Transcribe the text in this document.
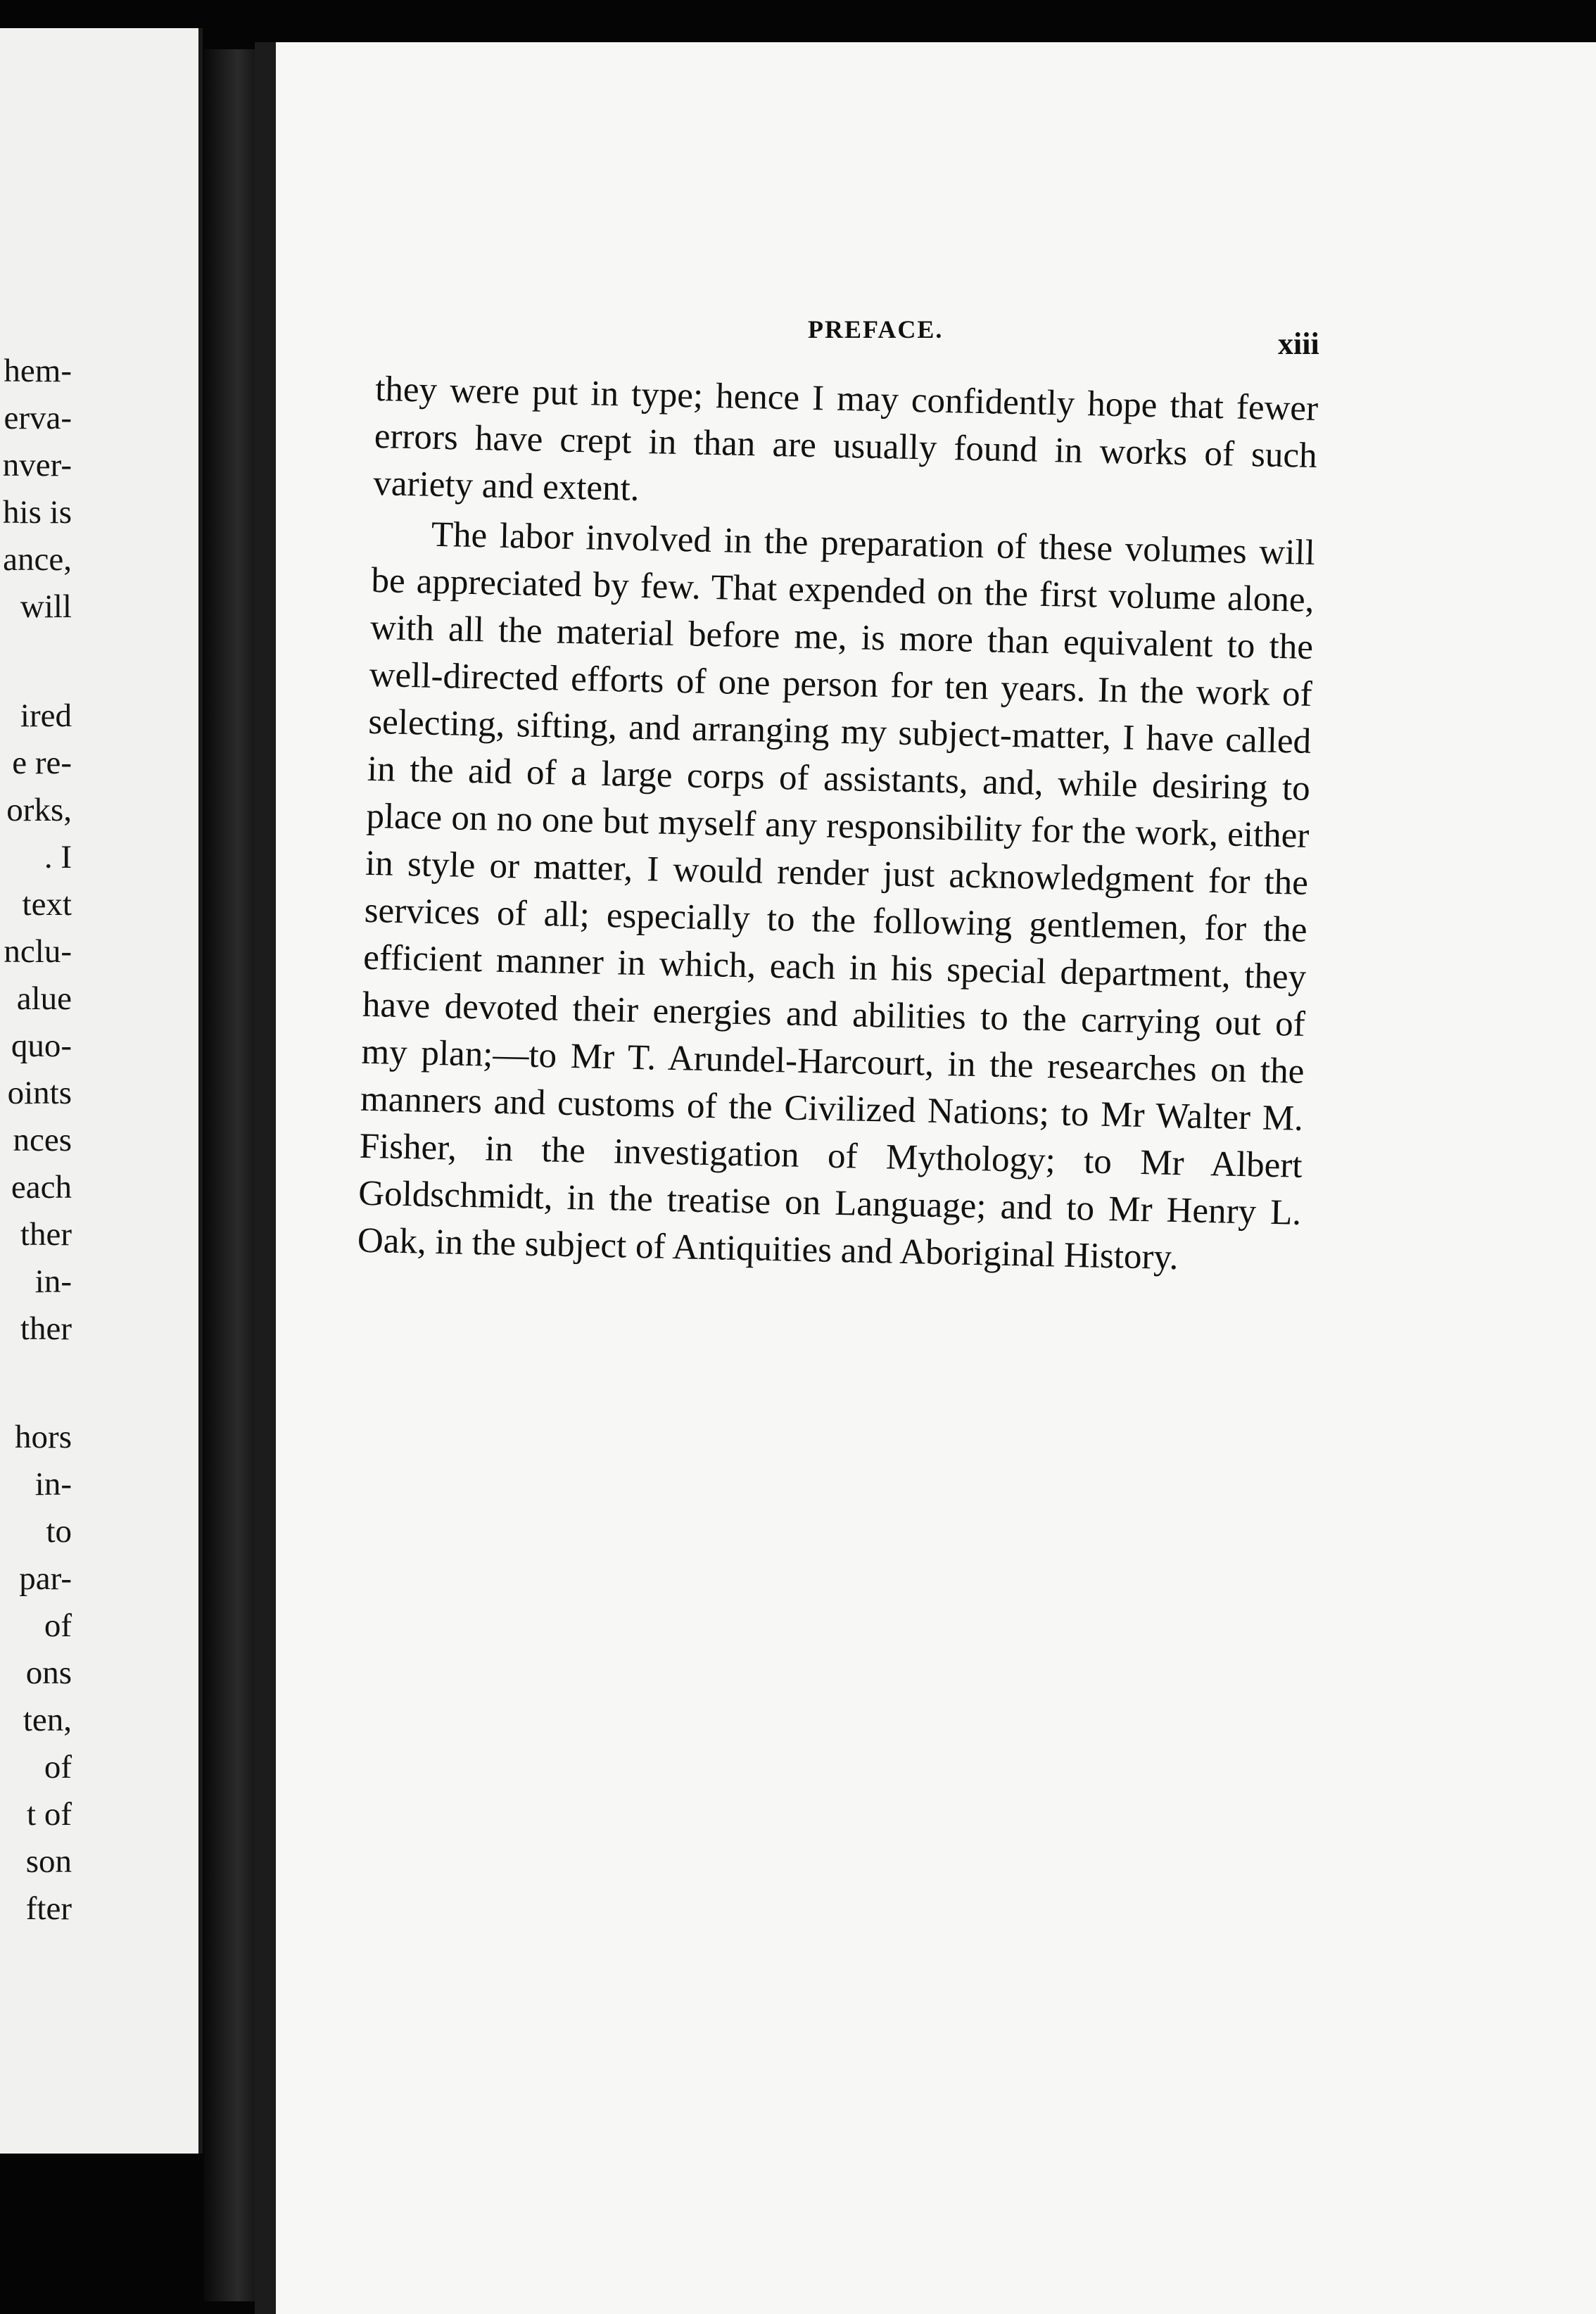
hem-
erva-
nver-
his is
ance,
will
ired
e re-
orks,
. I
text
nclu-
alue
quo-
oints
nces
each
ther
in-
ther
hors
in-
to
par-
of
ons
ten,
of
t of
son
fter
PREFACE.	xiii

they were put in type; hence I may confidently hope that fewer errors have crept in than are usually found in works of such variety and extent.

The labor involved in the preparation of these volumes will be appreciated by few. That expended on the first volume alone, with all the material before me, is more than equivalent to the well-directed efforts of one person for ten years. In the work of selecting, sifting, and arranging my subject-matter, I have called in the aid of a large corps of assistants, and, while desiring to place on no one but myself any responsibility for the work, either in style or matter, I would render just acknowledgment for the services of all; especially to the following gentlemen, for the efficient manner in which, each in his special department, they have devoted their energies and abilities to the carrying out of my plan;—to Mr T. Arundel-Harcourt, in the researches on the manners and customs of the Civilized Nations; to Mr Walter M. Fisher, in the investigation of Mythology; to Mr Albert Goldschmidt, in the treatise on Language; and to Mr Henry L. Oak, in the subject of Antiquities and Aboriginal History.
